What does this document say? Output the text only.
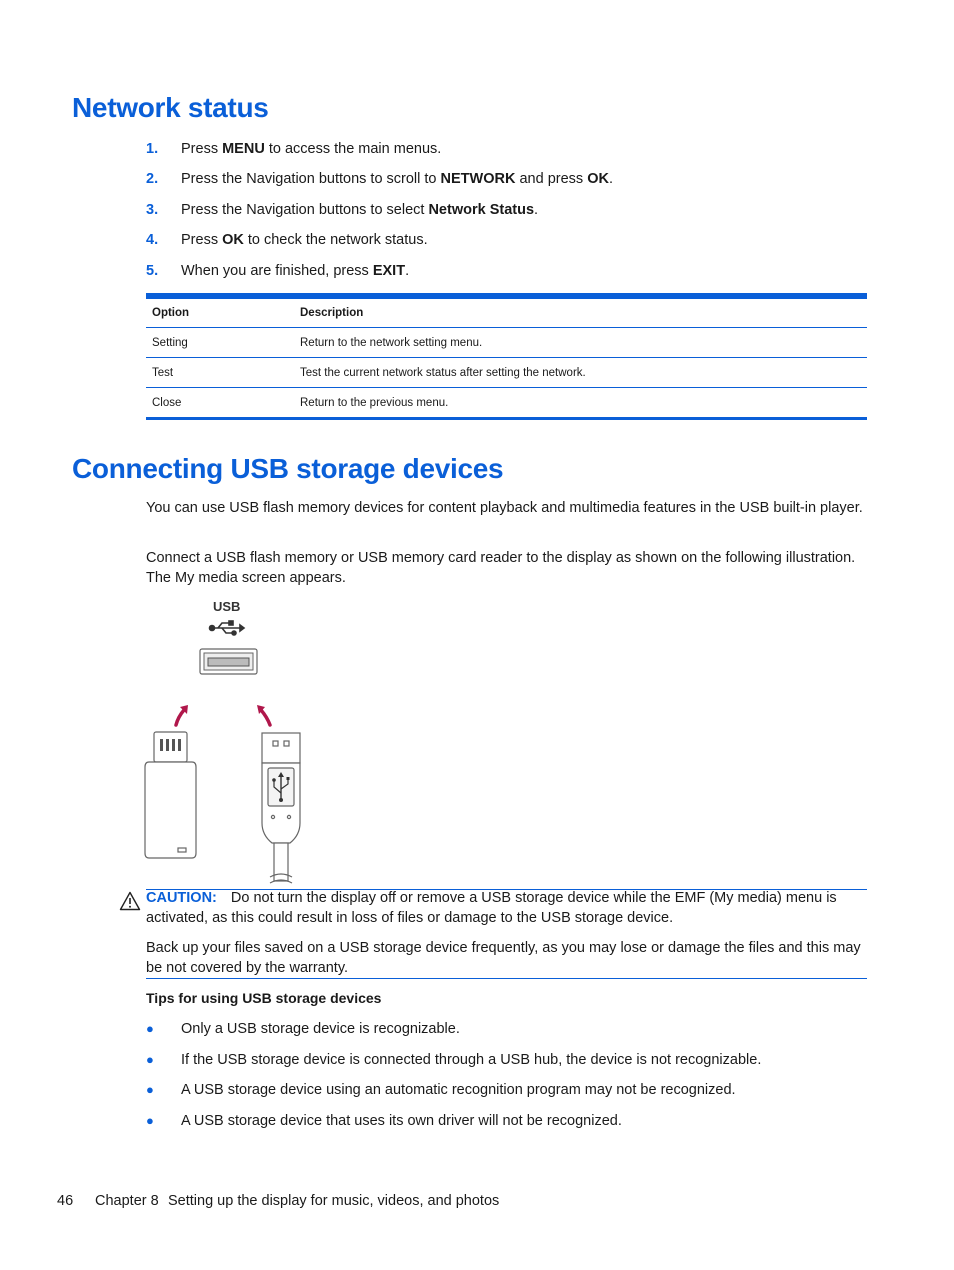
Network status
1. Press MENU to access the main menus.
2. Press the Navigation buttons to scroll to NETWORK and press OK.
3. Press the Navigation buttons to select Network Status.
4. Press OK to check the network status.
5. When you are finished, press EXIT.
Option	Description
Setting	Return to the network setting menu.
Test	Test the current network status after setting the network.
Close	Return to the previous menu.
Connecting USB storage devices
You can use USB flash memory devices for content playback and multimedia features in the USB built-in player.
Connect a USB flash memory or USB memory card reader to the display as shown on the following illustration. The My media screen appears.
USB
CAUTION: Do not turn the display off or remove a USB storage device while the EMF (My media) menu is activated, as this could result in loss of files or damage to the USB storage device.
Back up your files saved on a USB storage device frequently, as you may lose or damage the files and this may be not covered by the warranty.
Tips for using USB storage devices
● Only a USB storage device is recognizable.
● If the USB storage device is connected through a USB hub, the device is not recognizable.
● A USB storage device using an automatic recognition program may not be recognized.
● A USB storage device that uses its own driver will not be recognized.
46 Chapter 8 Setting up the display for music, videos, and photos
